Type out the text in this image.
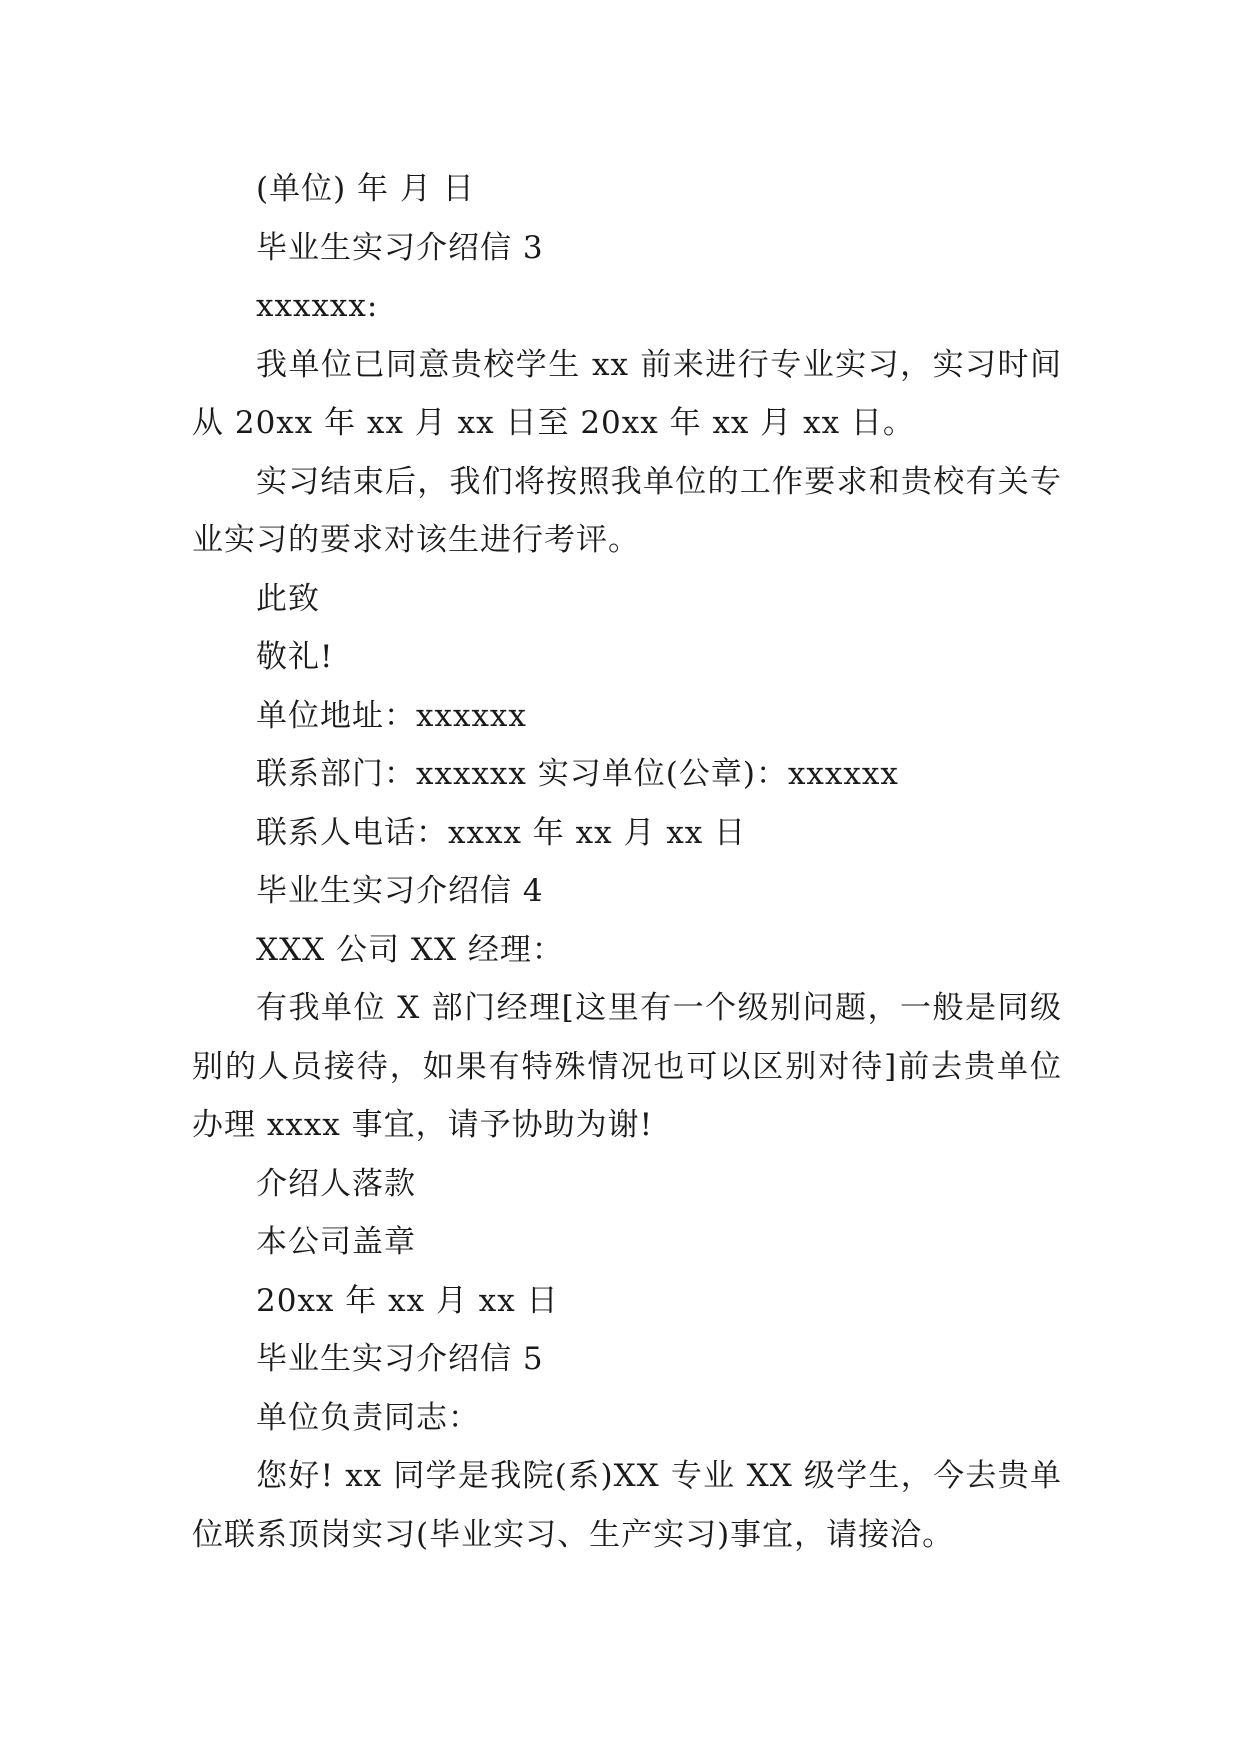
(单位) 年 月 日

毕业生实习介绍信 3

xxxxxx:

我单位已同意贵校学生 xx 前来进行专业实习，实习时间从 20xx 年 xx 月 xx 日至 20xx 年 xx 月 xx 日。

实习结束后，我们将按照我单位的工作要求和贵校有关专业实习的要求对该生进行考评。

此致

敬礼!

单位地址：xxxxxx

联系部门：xxxxxx 实习单位(公章)：xxxxxx

联系人电话：xxxx 年 xx 月 xx 日

毕业生实习介绍信 4

XXX 公司 XX 经理：

有我单位 X 部门经理[这里有一个级别问题，一般是同级别的人员接待，如果有特殊情况也可以区别对待]前去贵单位办理 xxxx 事宜，请予协助为谢!

介绍人落款

本公司盖章

20xx 年 xx 月 xx 日

毕业生实习介绍信 5

单位负责同志：

您好! xx 同学是我院(系)XX 专业 XX 级学生，今去贵单位联系顶岗实习(毕业实习、生产实习)事宜，请接洽。
